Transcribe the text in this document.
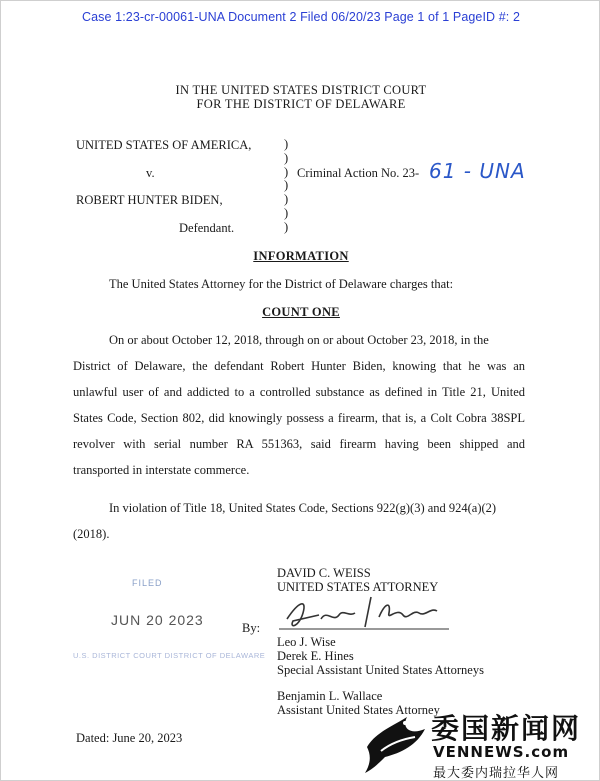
Case 1:23-cr-00061-UNA Document 2 Filed 06/20/23 Page 1 of 1 PageID #: 2
IN THE UNITED STATES DISTRICT COURT
FOR THE DISTRICT OF DELAWARE
UNITED STATES OF AMERICA,
v.
ROBERT HUNTER BIDEN,
Defendant.
)
)
)
)
)
)
)
Criminal Action No. 23- 61 - UNA
INFORMATION
The United States Attorney for the District of Delaware charges that:
COUNT ONE
On or about October 12, 2018, through on or about October 23, 2018, in the
District of Delaware, the defendant Robert Hunter Biden, knowing that he was an
unlawful user of and addicted to a controlled substance as defined in Title 21, United
States Code, Section 802, did knowingly possess a firearm, that is, a Colt Cobra 38SPL
revolver with serial number RA 551363, said firearm having been shipped and
transported in interstate commerce.
In violation of Title 18, United States Code, Sections 922(g)(3) and 924(a)(2)
(2018).
FILED
JUN 20 2023
U.S. DISTRICT COURT DISTRICT OF DELAWARE
DAVID C. WEISS
UNITED STATES ATTORNEY
By:
Leo J. Wise
Derek E. Hines
Special Assistant United States Attorneys
Benjamin L. Wallace
Assistant United States Attorney
Dated: June 20, 2023	委国新闻网
VENNEWS.com
最大委内瑞拉华人网
